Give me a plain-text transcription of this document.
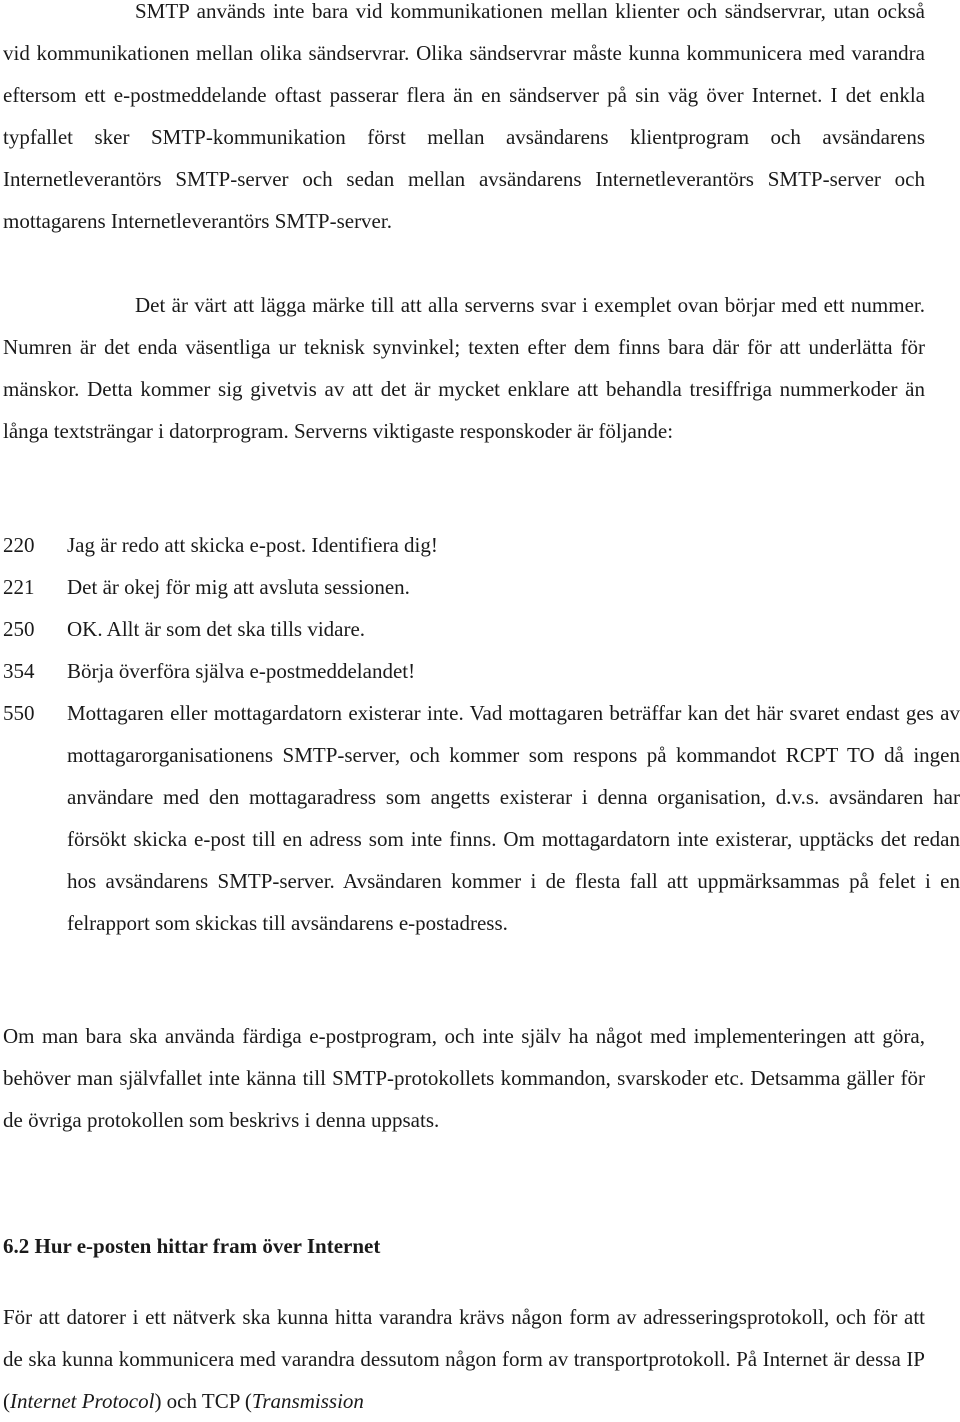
SMTP används inte bara vid kommunikationen mellan klienter och sändservrar, utan också vid kommunikationen mellan olika sändservrar. Olika sändservrar måste kunna kommunicera med varandra eftersom ett e-postmeddelande oftast passerar flera än en sändserver på sin väg över Internet. I det enkla typfallet sker SMTP-kommunikation först mellan avsändarens klientprogram och avsändarens Internetleverantörs SMTP-server och sedan mellan avsändarens Internetleverantörs SMTP-server och mottagarens Internetleverantörs SMTP-server.

Det är värt att lägga märke till att alla serverns svar i exemplet ovan börjar med ett nummer. Numren är det enda väsentliga ur teknisk synvinkel; texten efter dem finns bara där för att underlätta för mänskor. Detta kommer sig givetvis av att det är mycket enklare att behandla tresiffriga nummerkoder än långa textsträngar i datorprogram. Serverns viktigaste responskoder är följande:

220	Jag är redo att skicka e-post. Identifiera dig!
221	Det är okej för mig att avsluta sessionen.
250	OK. Allt är som det ska tills vidare.
354	Börja överföra själva e-postmeddelandet!
550	Mottagaren eller mottagardatorn existerar inte. Vad mottagaren beträffar kan det här svaret endast ges av mottagarorganisationens SMTP-server, och kommer som respons på kommandot RCPT TO då ingen användare med den mottagaradress som angetts existerar i denna organisation, d.v.s. avsändaren har försökt skicka e-post till en adress som inte finns. Om mottagardatorn inte existerar, upptäcks det redan hos avsändarens SMTP-server. Avsändaren kommer i de flesta fall att uppmärksammas på felet i en felrapport som skickas till avsändarens e-postadress.

Om man bara ska använda färdiga e-postprogram, och inte själv ha något med implementeringen att göra, behöver man självfallet inte känna till SMTP-protokollets kommandon, svarskoder etc. Detsamma gäller för de övriga protokollen som beskrivs i denna uppsats.

6.2 Hur e-posten hittar fram över Internet

För att datorer i ett nätverk ska kunna hitta varandra krävs någon form av adresseringsprotokoll, och för att de ska kunna kommunicera med varandra dessutom någon form av transportprotokoll. På Internet är dessa IP (Internet Protocol) och TCP (Transmission
